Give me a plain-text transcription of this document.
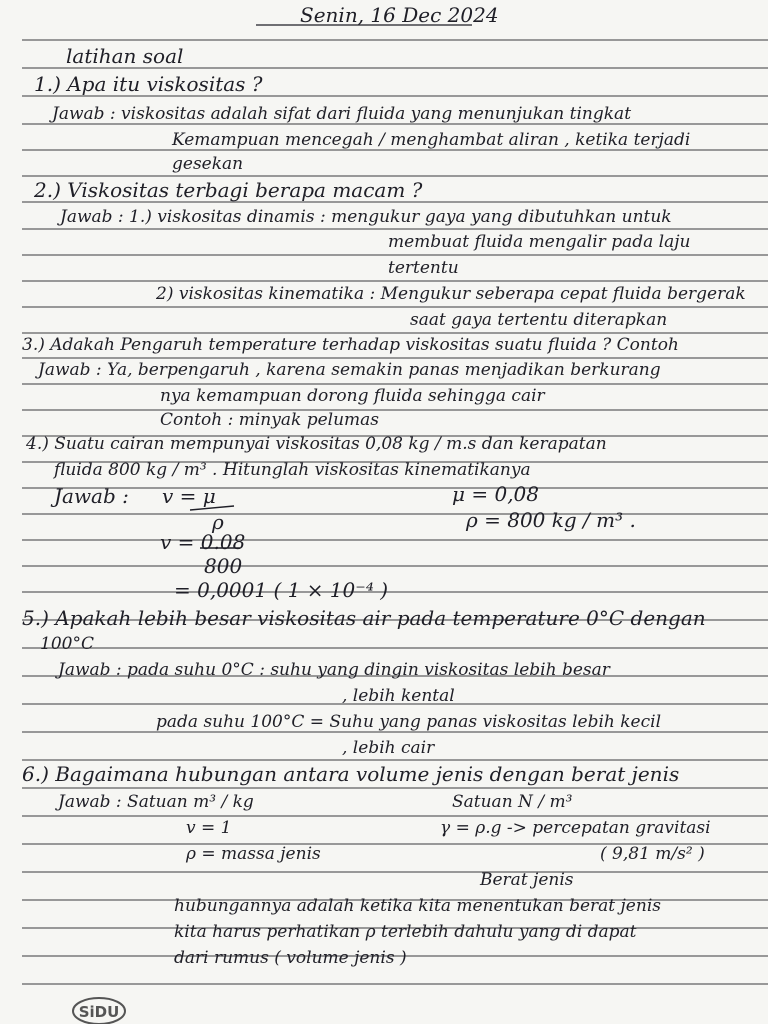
Senin, 16 Dec 2024
latihan soal
1.) Apa itu viskositas ?
Jawab : viskositas adalah sifat dari fluida yang menunjukan tingkat
Kemampuan mencegah / menghambat aliran , ketika terjadi
gesekan
2.) Viskositas terbagi berapa macam ?
Jawab : 1.) viskositas dinamis : mengukur gaya yang dibutuhkan untuk
membuat fluida mengalir pada laju
tertentu
2) viskositas kinematika : Mengukur seberapa cepat fluida bergerak
saat gaya tertentu diterapkan
3.) Adakah Pengaruh temperature terhadap viskositas suatu fluida ? Contoh
Jawab : Ya, berpengaruh , karena semakin panas menjadikan berkurang
nya kemampuan dorong fluida sehingga cair
Contoh : minyak pelumas
4.) Suatu cairan mempunyai viskositas 0,08 kg / m.s dan kerapatan
fluida 800 kg / m³ . Hitunglah viskositas kinematikanya
Jawab : v = μ
ρ
μ = 0,08
ρ = 800 kg / m³ .
v = 0.08
800
= 0,0001 ( 1 × 10⁻⁴ )
5.) Apakah lebih besar viskositas air pada temperature 0°C dengan
100°C
Jawab : pada suhu 0°C : suhu yang dingin viskositas lebih besar
, lebih kental
pada suhu 100°C = Suhu yang panas viskositas lebih kecil
, lebih cair
6.) Bagaimana hubungan antara volume jenis dengan berat jenis
Jawab : Satuan m³ / kg
v = 1
ρ = massa jenis
Satuan N / m³
γ = ρ.g -> percepatan gravitasi
( 9,81 m/s² )
Berat jenis
hubungannya adalah ketika kita menentukan berat jenis
kita harus perhatikan ρ terlebih dahulu yang di dapat
dari rumus ( volume jenis )
SiDU
